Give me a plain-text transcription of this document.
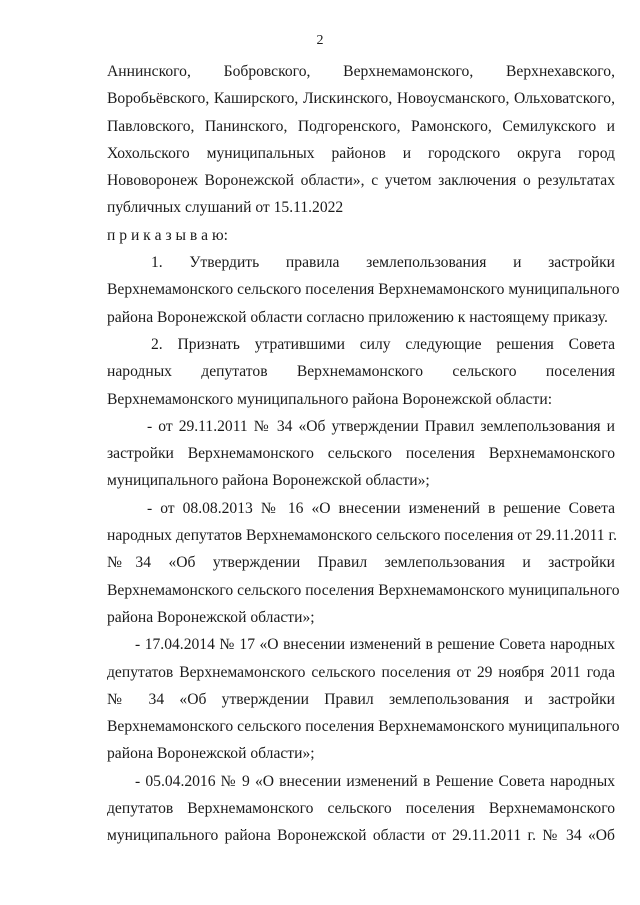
2
Аннинского, Бобровского, Верхнемамонского, Верхнехавского,
Воробьёвского, Каширского, Лискинского, Новоусманского, Ольховатского,
Павловского, Панинского, Подгоренского, Рамонского, Семилукского и
Хохольского муниципальных районов и городского округа город
Нововоронеж Воронежской области», с учетом заключения о результатах
публичных слушаний от 15.11.2022
п р и к а з ы в а ю:
1. Утвердить правила землепользования и застройки
Верхнемамонского сельского поселения Верхнемамонского муниципального
района Воронежской области согласно приложению к настоящему приказу.
2. Признать утратившими силу следующие решения Совета
народных депутатов Верхнемамонского сельского поселения
Верхнемамонского муниципального района Воронежской области:
- от 29.11.2011 № 34 «Об утверждении Правил землепользования и
застройки Верхнемамонского сельского поселения Верхнемамонского
муниципального района Воронежской области»;
- от 08.08.2013 № 16 «О внесении изменений в решение Совета
народных депутатов Верхнемамонского сельского поселения от 29.11.2011 г.
№34 «Об утверждении Правил землепользования и застройки
Верхнемамонского сельского поселения Верхнемамонского муниципального
района Воронежской области»;
- 17.04.2014 № 17 «О внесении изменений в решение Совета народных
депутатов Верхнемамонского сельского поселения от 29 ноября 2011 года
№ 34 «Об утверждении Правил землепользования и застройки
Верхнемамонского сельского поселения Верхнемамонского муниципального
района Воронежской области»;
- 05.04.2016 № 9 «О внесении изменений в Решение Совета народных
депутатов Верхнемамонского сельского поселения Верхнемамонского
муниципального района Воронежской области от 29.11.2011 г. № 34 «Об
